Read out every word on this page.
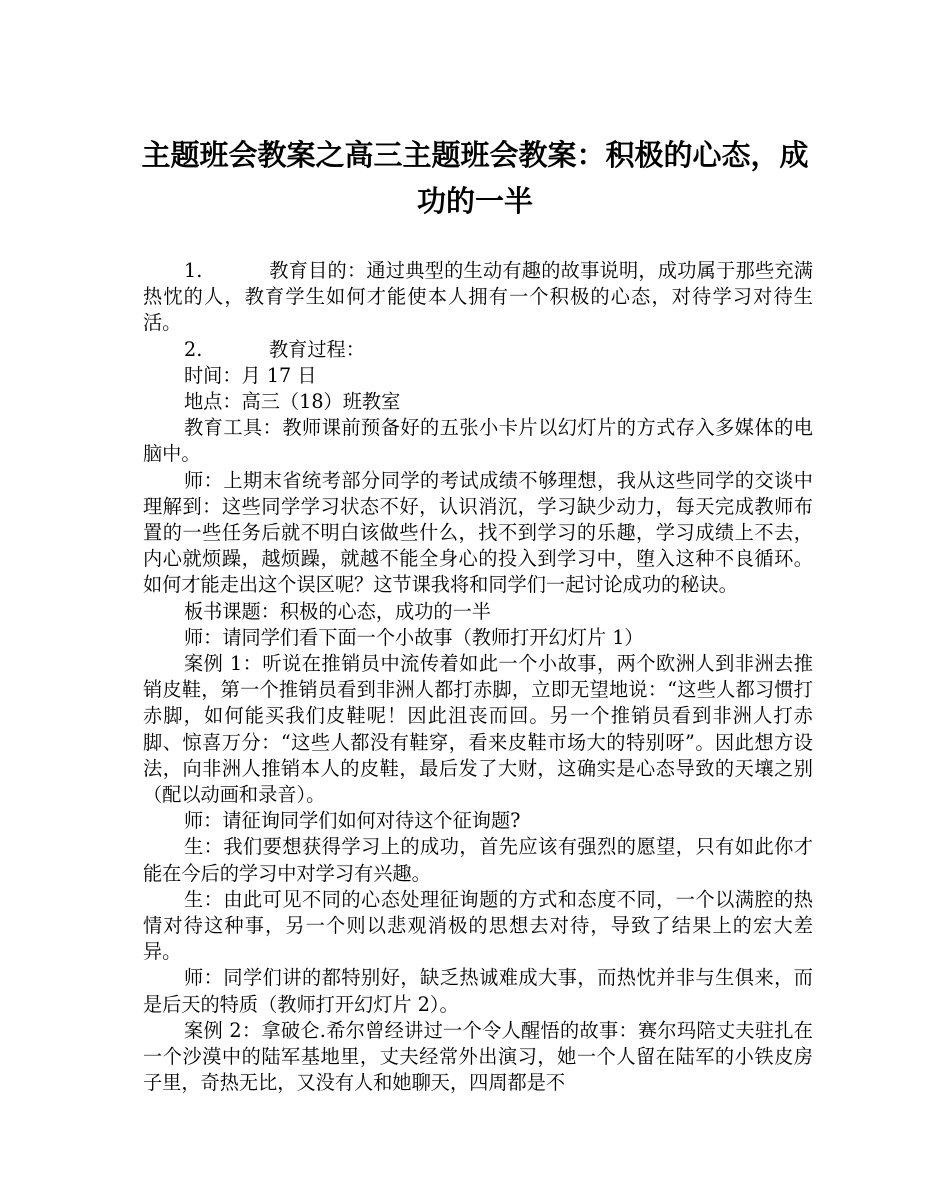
主题班会教案之高三主题班会教案：积极的心态，成功的一半

1.	教育目的：通过典型的生动有趣的故事说明，成功属于那些充满热忱的人，教育学生如何才能使本人拥有一个积极的心态，对待学习对待生活。

2.	教育过程：

时间：月 17 日

地点：高三（18）班教室

教育工具：教师课前预备好的五张小卡片以幻灯片的方式存入多媒体的电脑中。

师：上期末省统考部分同学的考试成绩不够理想，我从这些同学的交谈中理解到：这些同学学习状态不好，认识消沉，学习缺少动力，每天完成教师布置的一些任务后就不明白该做些什么，找不到学习的乐趣，学习成绩上不去，内心就烦躁，越烦躁，就越不能全身心的投入到学习中，堕入这种不良循环。如何才能走出这个误区呢？这节课我将和同学们一起讨论成功的秘诀。

板书课题：积极的心态，成功的一半

师：请同学们看下面一个小故事（教师打开幻灯片 1）

案例 1：听说在推销员中流传着如此一个小故事，两个欧洲人到非洲去推销皮鞋，第一个推销员看到非洲人都打赤脚，立即无望地说：“这些人都习惯打赤脚，如何能买我们皮鞋呢！因此沮丧而回。另一个推销员看到非洲人打赤脚、惊喜万分：“这些人都没有鞋穿，看来皮鞋市场大的特别呀”。因此想方设法，向非洲人推销本人的皮鞋，最后发了大财，这确实是心态导致的天壤之别（配以动画和录音）。

师：请征询同学们如何对待这个征询题?

生：我们要想获得学习上的成功，首先应该有强烈的愿望，只有如此你才能在今后的学习中对学习有兴趣。

生：由此可见不同的心态处理征询题的方式和态度不同，一个以满腔的热情对待这种事，另一个则以悲观消极的思想去对待，导致了结果上的宏大差异。

师：同学们讲的都特别好，缺乏热诚难成大事，而热忱并非与生俱来，而是后天的特质（教师打开幻灯片 2）。

案例 2：拿破仑.希尔曾经讲过一个令人醒悟的故事：赛尔玛陪丈夫驻扎在一个沙漠中的陆军基地里，丈夫经常外出演习，她一个人留在陆军的小铁皮房子里，奇热无比，又没有人和她聊天，四周都是不
